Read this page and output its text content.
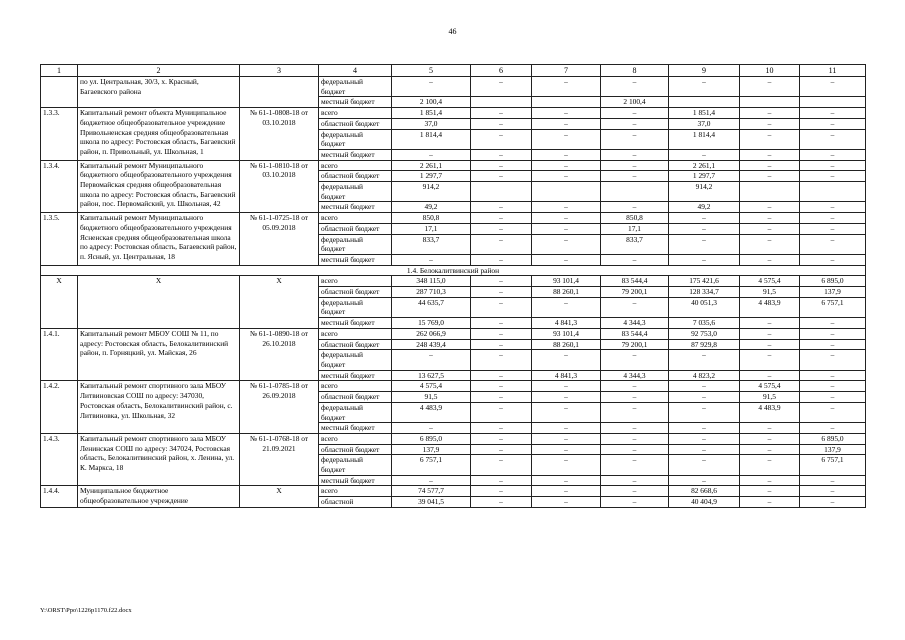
46
1	2	3	4	5	6	7	8	9	10	11
	по ул. Центральная, 30/3, х. Красный, Багаевского района		федеральный бюджет	–	–	–	–	–	–	–
			местный бюджет	2 100,4			2 100,4			
1.3.3.	Капитальный ремонт объекта Муниципальное бюджетное общеобразовательное учреждение Привольненская средняя общеобразовательная школа по адресу: Ростовская область, Багаевский район, п. Привольный, ул. Школьная, 1	№ 61-1-0808-18 от 03.10.2018	всего	1 851,4	–	–	–	1 851,4	–	–
			областной бюджет	37,0	–	–	–	37,0	–	–
			федеральный бюджет	1 814,4	–	–	–	1 814,4	–	–
			местный бюджет	–	–	–	–	–	–	–
1.3.4.	Капитальный ремонт Муниципального бюджетного общеобразовательного учреждения Первомайская средняя общеобразовательная школа по адресу: Ростовская область, Багаевский район, пос. Первомайский, ул. Школьная, 42	№ 61-1-0810-18 от 03.10.2018	всего	2 261,1	–	–	–	2 261,1	–	–
			областной бюджет	1 297,7	–	–	–	1 297,7	–	–
			федеральный бюджет	914,2				914,2		
			местный бюджет	49,2	–	–	–	49,2	–	–
1.3.5.	Капитальный ремонт Муниципального бюджетного общеобразовательного учреждения Ясненская средняя общеобразовательная школа по адресу: Ростовская область, Багаевский район, п. Ясный, ул. Центральная, 18	№ 61-1-0725-18 от 05.09.2018	всего	850,8	–	–	850,8	–	–	–
			областной бюджет	17,1	–	–	17,1	–	–	–
			федеральный бюджет	833,7	–	–	833,7	–	–	–
			местный бюджет	–	–	–	–	–	–	–
1.4. Белокалитвинский район										
Х	Х	Х	всего	348 115,0	–	93 101,4	83 544,4	175 421,6	4 575,4	6 895,0
			областной бюджет	287 710,3	–	88 260,1	79 200,1	128 334,7	91,5	137,9
			федеральный бюджет	44 635,7	–	–	–	40 051,3	4 483,9	6 757,1
			местный бюджет	15 769,0	–	4 841,3	4 344,3	7 035,6	–	–
1.4.1.	Капитальный ремонт МБОУ СОШ № 11, по адресу: Ростовская область, Белокалитвинский район, п. Горняцкий, ул. Майская, 26	№ 61-1-0890-18 от 26.10.2018	всего	262 066,9	–	93 101,4	83 544,4	92 753,0	–	–
			областной бюджет	248 439,4	–	88 260,1	79 200,1	87 929,8	–	–
			федеральный бюджет	–	–	–	–	–	–	–
			местный бюджет	13 627,5	–	4 841,3	4 344,3	4 823,2	–	–
1.4.2.	Капитальный ремонт спортивного зала МБОУ Литвиновская СОШ по адресу: 347030, Ростовская область, Белокалитвинский район, с. Литвиновка, ул. Школьная, 32	№ 61-1-0785-18 от 26.09.2018	всего	4 575,4	–	–	–	–	4 575,4	–
			областной бюджет	91,5	–	–	–	–	91,5	–
			федеральный бюджет	4 483,9	–	–	–	–	4 483,9	–
			местный бюджет	–	–	–	–	–	–	–
1.4.3.	Капитальный ремонт спортивного зала МБОУ Ленинская СОШ по адресу: 347024, Ростовская область, Белокалитвинский район, х. Ленина, ул. К. Маркса, 18	№ 61-1-0768-18 от 21.09.2021	всего	6 895,0	–	–	–	–	–	6 895,0
			областной бюджет	137,9	–	–	–	–	–	137,9
			федеральный бюджет	6 757,1	–	–	–	–	–	6 757,1
			местный бюджет	–	–	–	–	–	–	–
1.4.4.	Муниципальное бюджетное общеобразовательное учреждение	Х	всего	74 577,7	–	–	–	82 668,6	–	–
			областной	39 041,5	–	–	–	40 404,9	–	–
Y:\ORST\Ppo\1226p1170.f22.docx
